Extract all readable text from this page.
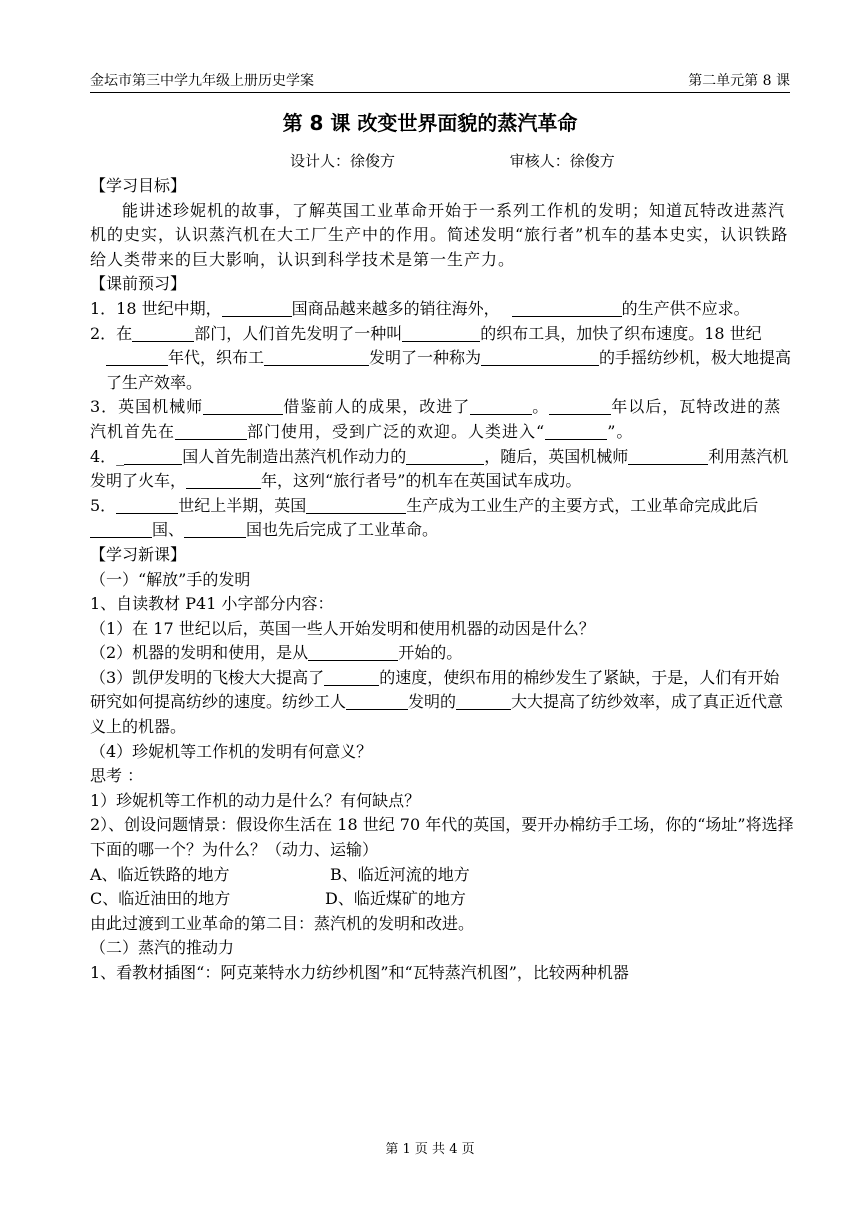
金坛市第三中学九年级上册历史学案	第二单元第 8 课
第 8 课 改变世界面貌的蒸汽革命
设计人：徐俊方	审核人：徐俊方

【学习目标】

能讲述珍妮机的故事，了解英国工业革命开始于一系列工作机的发明；知道瓦特改进蒸汽机的史实，认识蒸汽机在大工厂生产中的作用。简述发明“旅行者”机车的基本史实，认识铁路给人类带来的巨大影响，认识到科学技术是第一生产力。

【课前预习】

1．18 世纪中期，	国商品越来越多的销往海外，	的生产供不应求。

2．在	部门，人们首先发明了一种叫	的织布工具，加快了织布速度。18 世纪年代，织布工	发明了一种称为	的手摇纺纱机，极大地提高了生产效率。

3．英国机械师	借鉴前人的成果，改进了	。	年以后，瓦特改进的蒸汽机首先在	部门使用，受到广泛的欢迎。人类进入“	”。

4．_	国人首先制造出蒸汽机作动力的	，随后，英国机械师	利用蒸汽机发明了火车，	年，这列“旅行者号”的机车在英国试车成功。

5．	世纪上半期，英国	生产成为工业生产的主要方式，工业革命完成此后国、	国也先后完成了工业革命。

【学习新课】

（一）“解放”手的发明

1、自读教材 P41 小字部分内容：

（1）在 17 世纪以后，英国一些人开始发明和使用机器的动因是什么？

（2）机器的发明和使用，是从	开始的。

（3）凯伊发明的飞梭大大提高了	的速度，使织布用的棉纱发生了紧缺，于是，人们有开始研究如何提高纺纱的速度。纺纱工人	发明的	大大提高了纺纱效率，成了真正近代意义上的机器。

（4）珍妮机等工作机的发明有何意义？

思考 ：

1）珍妮机等工作机的动力是什么？有何缺点？

2）、创设问题情景：假设你生活在 18 世纪 70 年代的英国，要开办棉纺手工场，你的“场址”将选择下面的哪一个？为什么？（动力、运输）

A、临近铁路的地方	B、临近河流的地方

C、临近油田的地方	D、临近煤矿的地方

由此过渡到工业革命的第二目：蒸汽机的发明和改进。

（二）蒸汽的推动力

1、看教材插图“：阿克莱特水力纺纱机图”和“瓦特蒸汽机图”，比较两种机器

第 1 页 共 4 页
